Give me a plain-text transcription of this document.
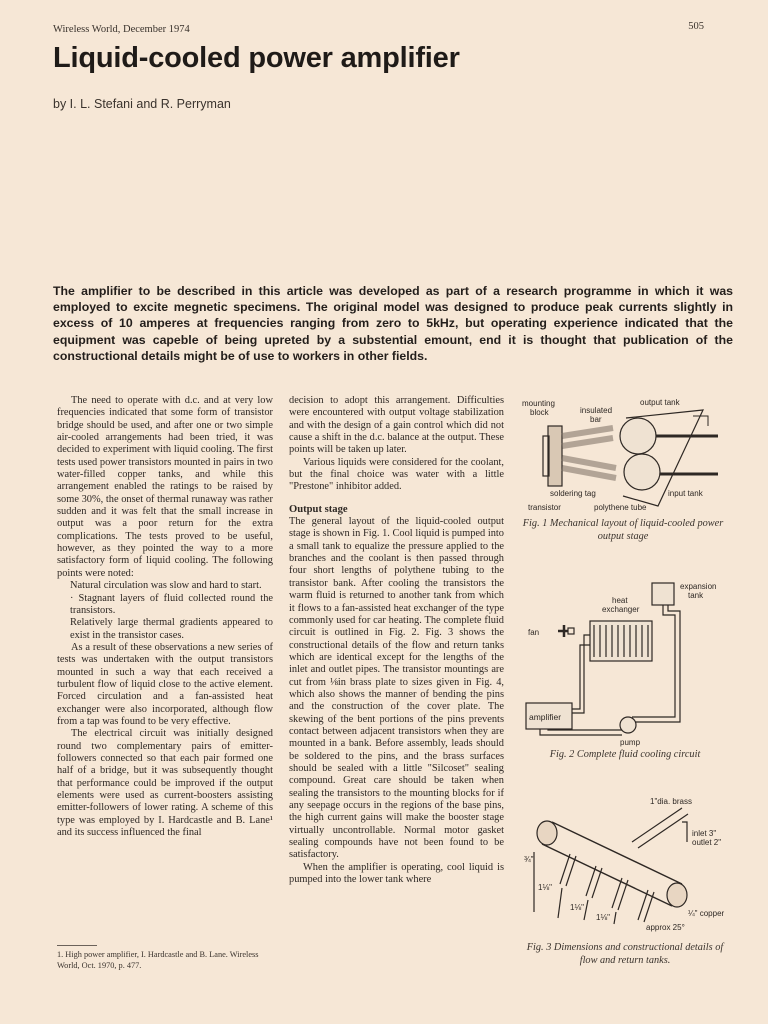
Wireless World, December 1974	505
Liquid-cooled power amplifier
by I. L. Stefani and R. Perryman
The amplifier to be described in this article was developed as part of a research programme in which it was employed to excite megnetic specimens. The original model was designed to produce peak currents slightly in excess of 10 amperes at frequencies ranging from zero to 5kHz, but operating experience indicated that the equipment was capeble of being upreted by a substential emount, end it is thought that publication of the constructional details might be of use to workers in other fields.

The need to operate with d.c. and at very low frequencies indicated that some form of transistor bridge should be used, and after one or two simple air-cooled arrangements had been tried, it was decided to experiment with liquid cooling. The first tests used power transistors mounted in pairs in two water-filled copper tanks, and while this arrangement enabled the ratings to be raised by some 30%, the onset of thermal runaway was rather sudden and it was felt that the small increase in output was a poor return for the extra complications. The tests proved to be useful, however, as they pointed the way to a more satisfactory form of liquid cooling. The following points were noted:

Natural circulation was slow and hard to start.

· Stagnant layers of fluid collected round the transistors.

Relatively large thermal gradients appeared to exist in the transistor cases.

As a result of these observations a new series of tests was undertaken with the output transistors mounted in such a way that each received a turbulent flow of liquid close to the active element. Forced circulation and a fan-assisted heat exchanger were also incorporated, although flow from a tap was found to be very effective.

The electrical circuit was initially designed round two complementary pairs of emitter-followers connected so that each pair formed one half of a bridge, but it was subsequently thought that performance could be improved if the output elements were used as current-boosters assisting emitter-followers of lower rating. A scheme of this type was employed by I. Hardcastle and B. Lane¹ and its success influenced the final

1. High power amplifier, I. Hardcastle and B. Lane. Wireless World, Oct. 1970, p. 477.

decision to adopt this arrangement. Difficulties were encountered with output voltage stabilization and with the design of a gain control which did not cause a shift in the d.c. balance at the output. These points will be taken up later.

Various liquids were considered for the coolant, but the final choice was water with a little "Prestone" inhibitor added.

Output stage

The general layout of the liquid-cooled output stage is shown in Fig. 1. Cool liquid is pumped into a small tank to equalize the pressure applied to the branches and the coolant is then passed through four short lengths of polythene tubing to the transistor bank. After cooling the transistors the warm fluid is returned to another tank from which it flows to a fan-assisted heat exchanger of the type commonly used for car heating. The complete fluid circuit is outlined in Fig. 2. Fig. 3 shows the constructional details of the flow and return tanks which are identical except for the lengths of the inlet and outlet pipes. The transistor mountings are cut from ⅛in brass plate to sizes given in Fig. 4, which also shows the manner of bending the pins and the construction of the cover plate. The skewing of the bent portions of the pins prevents contact between adjacent transistors when they are mounted in a bank. Before assembly, leads should be soldered to the pins, and the brass surfaces should be sealed with a little "Silcoset" sealing compound. Great care should be taken when sealing the transistors to the mounting blocks for if any seepage occurs in the regions of the base pins, the high current gains will make the booster stage virtually uncontrollable. Normal motor gasket sealing compounds have not been found to be satisfactory.

When the amplifier is operating, cool liquid is pumped into the lower tank where

mounting
block	insulated
bar
output tank
soldering tag	input tank
transistor	polythene tube
Fig. 1 Mechanical layout of liquid-cooled power output stage
expansion
tank
heat
exchanger
fan
amplifier
pump
Fig. 2 Complete fluid cooling circuit
1"dia. brass
inlet 3"
outlet 2"
¾"
1⅛"
1⅛"
1⅛"	¼" copper
approx 25°
Fig. 3 Dimensions and constructional details of flow and return tanks.
